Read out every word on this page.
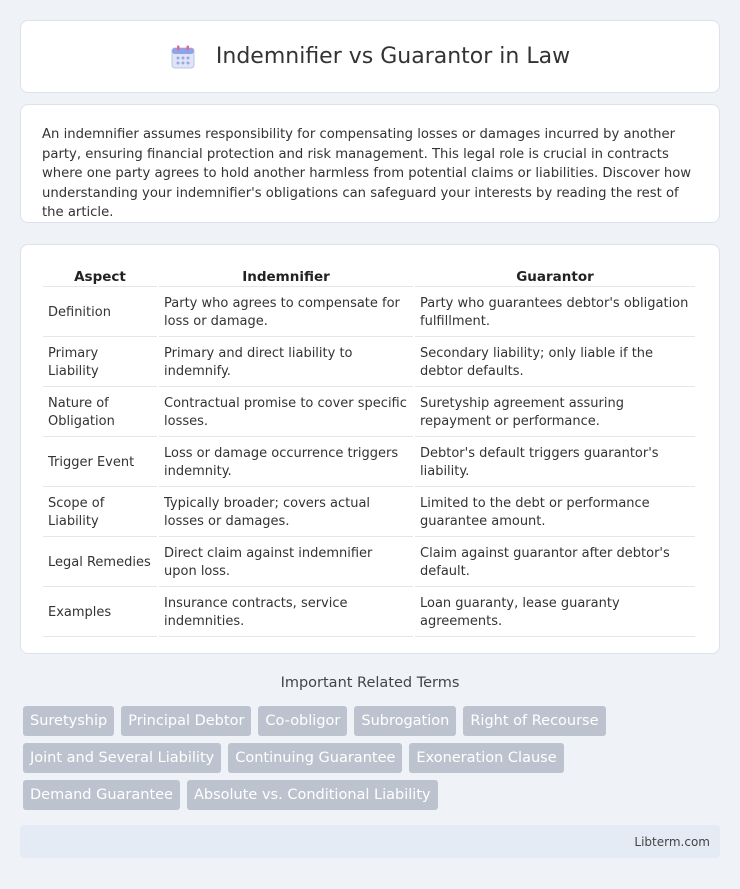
Indemnifier vs Guarantor in Law

An indemnifier assumes responsibility for compensating losses or damages incurred by another party, ensuring financial protection and risk management. This legal role is crucial in contracts where one party agrees to hold another harmless from potential claims or liabilities. Discover how understanding your indemnifier's obligations can safeguard your interests by reading the rest of the article.

Aspect	Indemnifier	Guarantor
Definition	Party who agrees to compensate for loss or damage.	Party who guarantees debtor's obligation fulfillment.
Primary Liability	Primary and direct liability to indemnify.	Secondary liability; only liable if the debtor defaults.
Nature of Obligation	Contractual promise to cover specific losses.	Suretyship agreement assuring repayment or performance.
Trigger Event	Loss or damage occurrence triggers indemnity.	Debtor's default triggers guarantor's liability.
Scope of Liability	Typically broader; covers actual losses or damages.	Limited to the debt or performance guarantee amount.
Legal Remedies	Direct claim against indemnifier upon loss.	Claim against guarantor after debtor's default.
Examples	Insurance contracts, service indemnities.	Loan guaranty, lease guaranty agreements.
Important Related Terms
Suretyship	Principal Debtor	Co-obligor	Subrogation	Right of Recourse
Joint and Several Liability	Continuing Guarantee	Exoneration Clause
Demand Guarantee	Absolute vs. Conditional Liability
Libterm.com
